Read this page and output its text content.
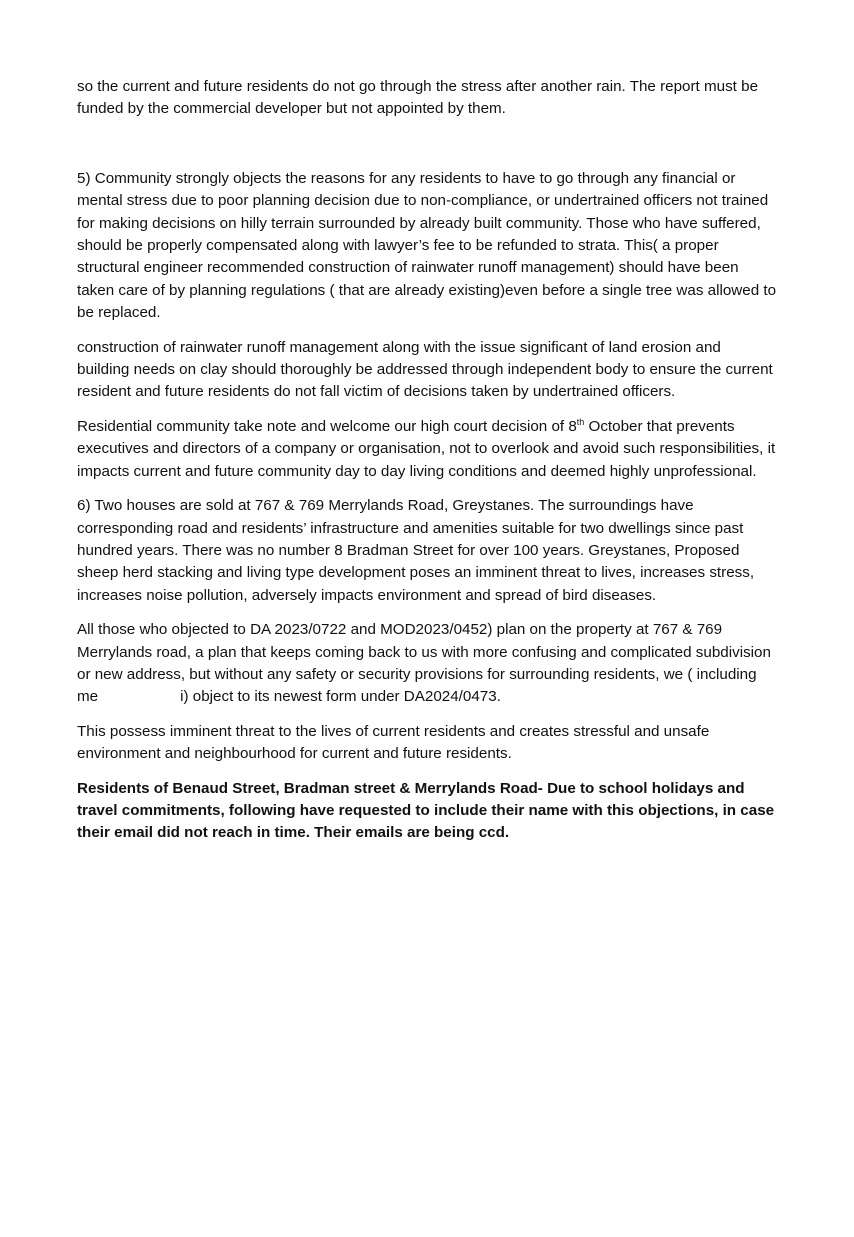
so the current and future residents do not go through the stress after another rain. The report must be funded by the commercial developer but not appointed by them.

5) Community strongly objects the reasons for any residents to have to go through any financial or mental stress due to poor planning decision due to non-compliance, or undertrained officers not trained for making decisions on hilly terrain surrounded by already built community. Those who have suffered, should be properly compensated along with lawyer’s fee to be refunded to strata. This( a proper structural engineer recommended construction of rainwater runoff management) should have been taken care of by planning regulations ( that are already existing)even before a single tree was allowed to be replaced.

construction of rainwater runoff management along with the issue significant of land erosion and building needs on clay should thoroughly be addressed through independent body to ensure the current resident and future residents do not fall victim of decisions taken by undertrained officers.

Residential community take note and welcome our high court decision of 8th October that prevents executives and directors of a company or organisation, not to overlook and avoid such responsibilities, it impacts current and future community day to day living conditions and deemed highly unprofessional.

6) Two houses are sold at 767 & 769 Merrylands Road, Greystanes. The surroundings have corresponding road and residents’ infrastructure and amenities suitable for two dwellings since past hundred years. There was no number 8 Bradman Street for over 100 years. Greystanes, Proposed sheep herd stacking and living type development poses an imminent threat to lives, increases stress, increases noise pollution, adversely impacts environment and spread of bird diseases.

All those who objected to DA 2023/0722 and MOD2023/0452) plan on the property at 767 & 769 Merrylands road, a plan that keeps coming back to us with more confusing and complicated subdivision or new address, but without any safety or security provisions for surrounding residents, we ( including me	i) object to its newest form under DA2024/0473.

This possess imminent threat to the lives of current residents and creates stressful and unsafe environment and neighbourhood for current and future residents.

Residents of Benaud Street, Bradman street & Merrylands Road- Due to school holidays and travel commitments, following have requested to include their name with this objections, in case their email did not reach in time. Their emails are being ccd.
